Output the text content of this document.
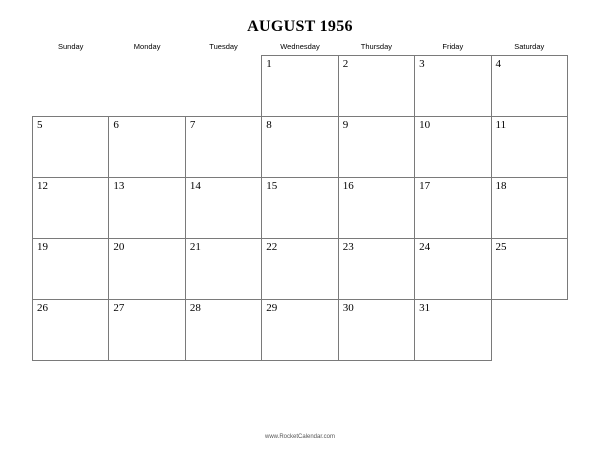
AUGUST 1956
Sunday	Monday	Tuesday	Wednesday	Thursday	Friday	Saturday

			1	2	3	4

5	6	7	8	9	10	11

12	13	14	15	16	17	18

19	20	21	22	23	24	25

26	27	28	29	30	31	

www.RocketCalendar.com
